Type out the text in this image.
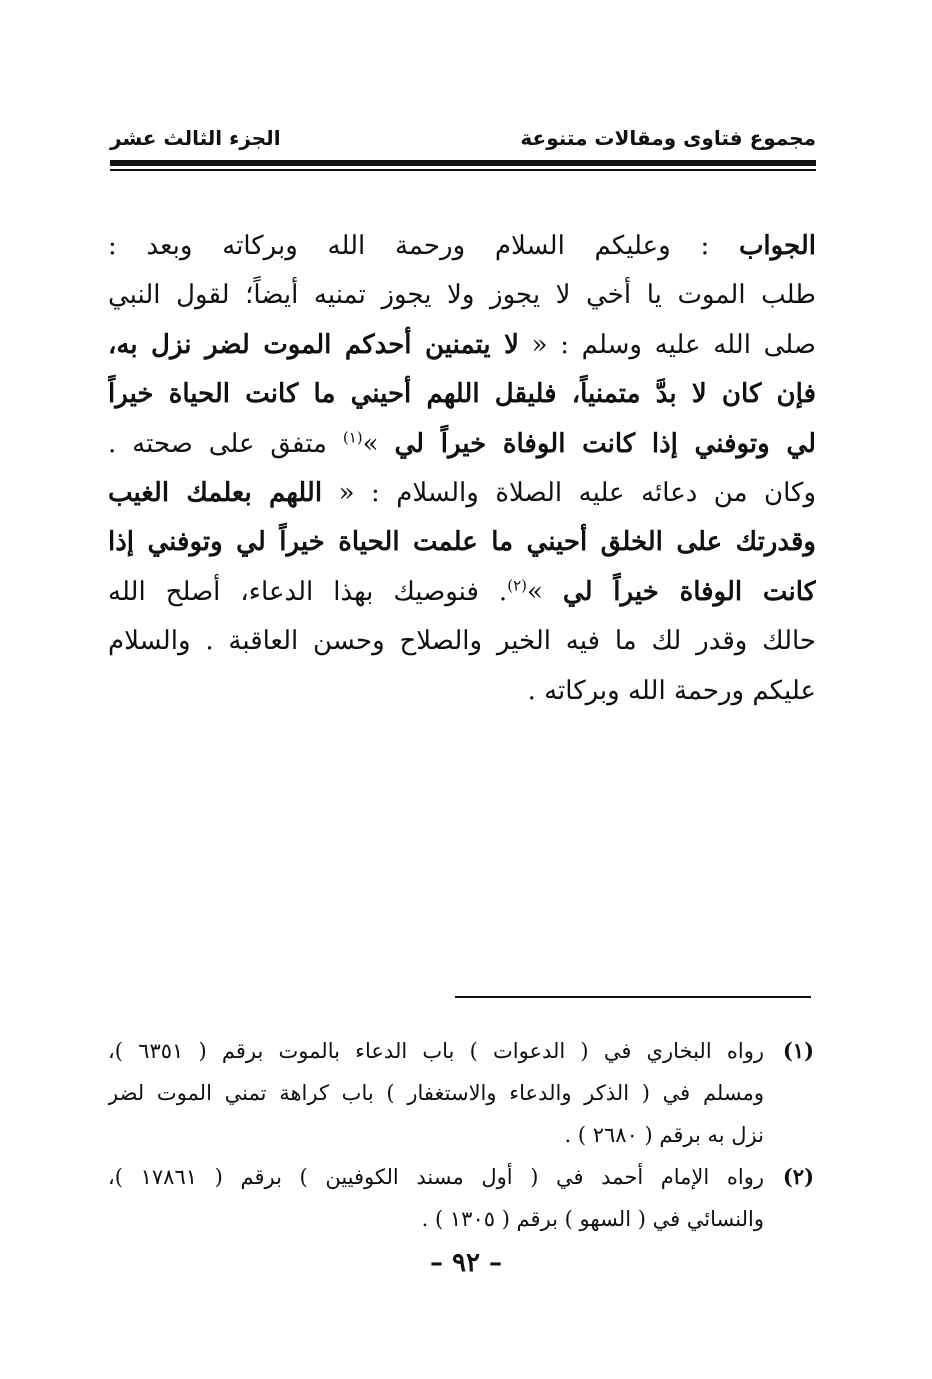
مجموع فتاوى ومقالات متنوعة
الجزء الثالث عشر
الجواب : وعليكم السلام ورحمة الله وبركاته وبعد :
طلب الموت يا أخي لا يجوز ولا يجوز تمنيه أيضاً؛ لقول النبي
صلى الله عليه وسلم : « لا يتمنين أحدكم الموت لضر نزل به،
فإن كان لا بدَّ متمنياً، فليقل اللهم أحيني ما كانت الحياة خيراً
لي وتوفني إذا كانت الوفاة خيراً لي »$^{(١)}$ متفق على صحته .
وكان من دعائه عليه الصلاة والسلام : « اللهم بعلمك الغيب
وقدرتك على الخلق أحيني ما علمت الحياة خيراً لي وتوفني إذا
كانت الوفاة خيراً لي »$^{(٢)}$. فنوصيك بهذا الدعاء، أصلح الله
حالك وقدر لك ما فيه الخير والصلاح وحسن العاقبة . والسلام
عليكم ورحمة الله وبركاته .
(١)
رواه البخاري في ( الدعوات ) باب الدعاء بالموت برقم ( ٦٣٥١ )،
ومسلم في ( الذكر والدعاء والاستغفار ) باب كراهة تمني الموت لضر
نزل به برقم ( ٢٦٨٠ ) .
(٢)
رواه الإمام أحمد في ( أول مسند الكوفيين ) برقم ( ١٧٨٦١ )،
والنسائي في ( السهو ) برقم ( ١٣٠٥ ) .
– ٩٢ –
